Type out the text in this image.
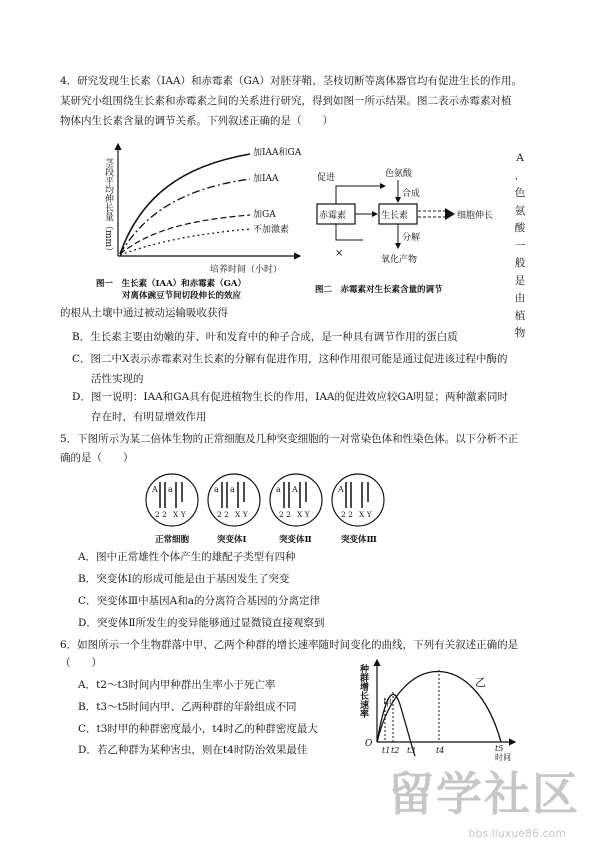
4．研究发现生长素（IAA）和赤霉素（GA）对胚芽鞘、茎枝切断等离体器官均有促进生长的作用。
某研究小组围绕生长素和赤霉素之间的关系进行研究，得到如图一所示结果。图二表示赤霉素对植
物体内生长素含量的调节关系。下列叙述正确的是（　　）
加IAA和GA
加IAA
加GA
不加激素
培养时间（小时）
茎段平均伸长量（mm）
图一　生长素（IAA）和赤霉素（GA）
对离体豌豆节间切段伸长的效应
促进	色氨酸
赤霉素	生长素
合成
细胞伸长
×
分解
氧化产物
图二　赤霉素对生长素含量的调节
A
．
色
氨
酸
一
般
是
由
植
物
的根从土壤中通过被动运输吸收获得
B．生长素主要由幼嫩的芽、叶和发育中的种子合成，是一种具有调节作用的蛋白质
C．图二中X表示赤霉素对生长素的分解有促进作用，这种作用很可能是通过促进该过程中酶的
活性实现的
D．图一说明：IAA和GA具有促进植物生长的作用，IAA的促进效应较GA明显；两种激素同时
存在时，有明显增效作用
5．下图所示为某二倍体生物的正常细胞及几种突变细胞的一对常染色体和性染色体。以下分析不正
确的是（　　）
A a
2 2 X Y
正常细胞
a a
2 2 X Y
突变体Ⅰ
a A
2 2 X Y
突变体Ⅱ
A
2 2 X Y
突变体Ⅲ
A．图中正常雄性个体产生的雄配子类型有四种
B．突变体Ⅰ的形成可能是由于基因发生了突变
C．突变体Ⅲ中基因A和a的分离符合基因的分离定律
D．突变体Ⅱ所发生的变异能够通过显微镜直接观察到
6．如图所示一个生物群落中甲、乙两个种群的增长速率随时间变化的曲线，下列有关叙述正确的是
（　　）
A．t2～t3时间内甲种群出生率小于死亡率
B．t3～t5时间内甲、乙两种群的年龄组成不同
C．t3时甲的种群密度最小，t4时乙的种群密度最大
D．若乙种群为某种害虫，则在t4时防治效果最佳
种群增长速率
O
甲
乙
t1 t2 t3	t4	t5
时间
留学社区
bbs.liuxue86.com
